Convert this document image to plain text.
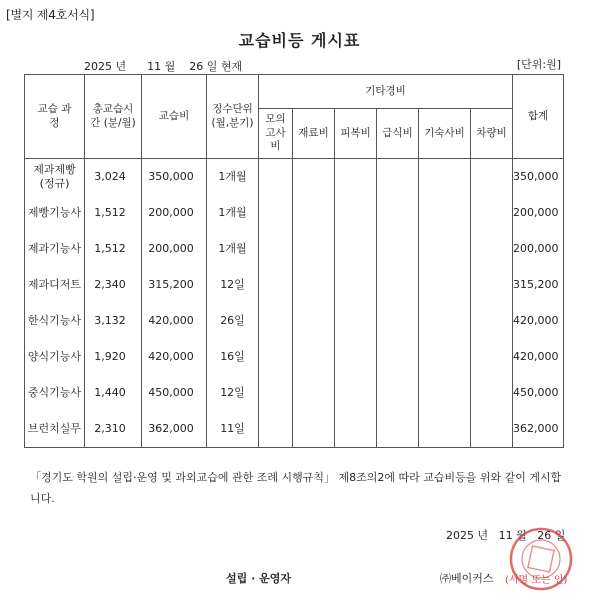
[별지 제4호서식]
교습비등 게시표
2025 년 11 월 26 일 현재	[단위:원]
교습 과정	총교습시간 (분/월)	교습비	징수단위 (월,분기)	기타경비						합계
				모의 고사 비	재료비	피복비	급식비	기숙사비	차량비	
제과제빵 (정규)	3,024	350,000	1개월							350,000
제빵기능사	1,512	200,000	1개월							200,000
제과기능사	1,512	200,000	1개월							200,000
제과디저트	2,340	315,200	12일							315,200
한식기능사	3,132	420,000	26일							420,000
양식기능사	1,920	420,000	16일							420,000
중식기능사	1,440	450,000	12일							450,000
브런치실무	2,310	362,000	11일							362,000
「경기도 학원의 설립·운영 및 과외교습에 관한 조례 시행규칙」 제8조의2에 따라 교습비등을 위와 같이 게시합니다.
2025 년 11 월 26 일
설립 · 운영자	㈜베이커스 (서명 또는 인)
